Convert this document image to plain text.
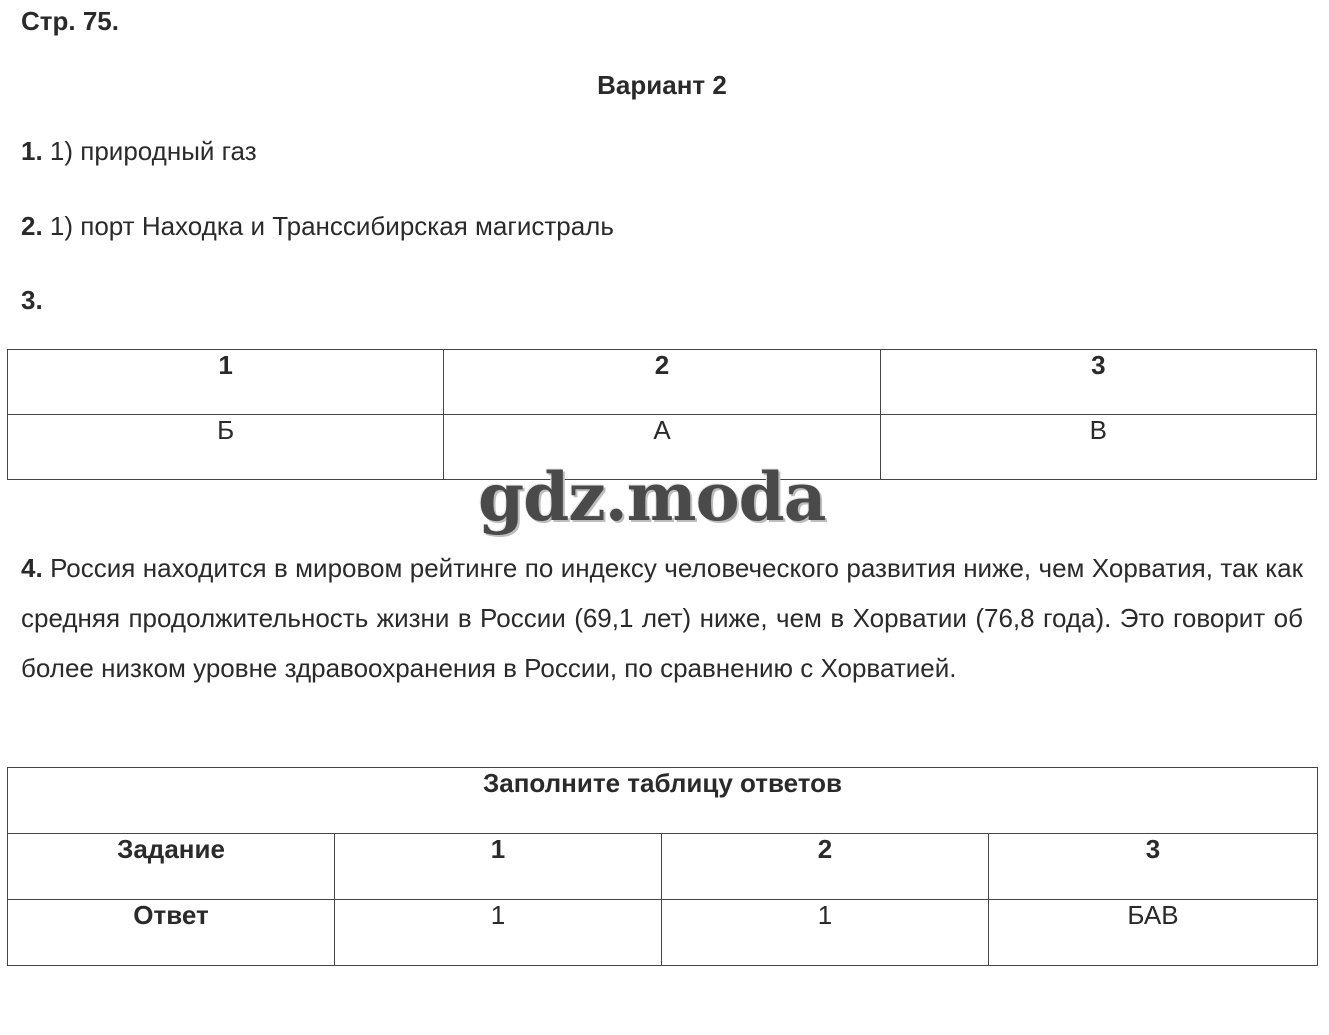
Стр. 75.
Вариант 2
1. 1) природный газ
2. 1) порт Находка и Транссибирская магистраль
3.
1	2	3
Б	А	В
gdz.moda
4. Россия находится в мировом рейтинге по индексу человеческого развития ниже, чем Хорватия, так как средняя продолжительность жизни в России (69,1 лет) ниже, чем в Хорватии (76,8 года). Это говорит об более низком уровне здравоохранения в России, по сравнению с Хорватией.
Заполните таблицу ответов			
Задание	1	2	3
Ответ	1	1	БАВ
